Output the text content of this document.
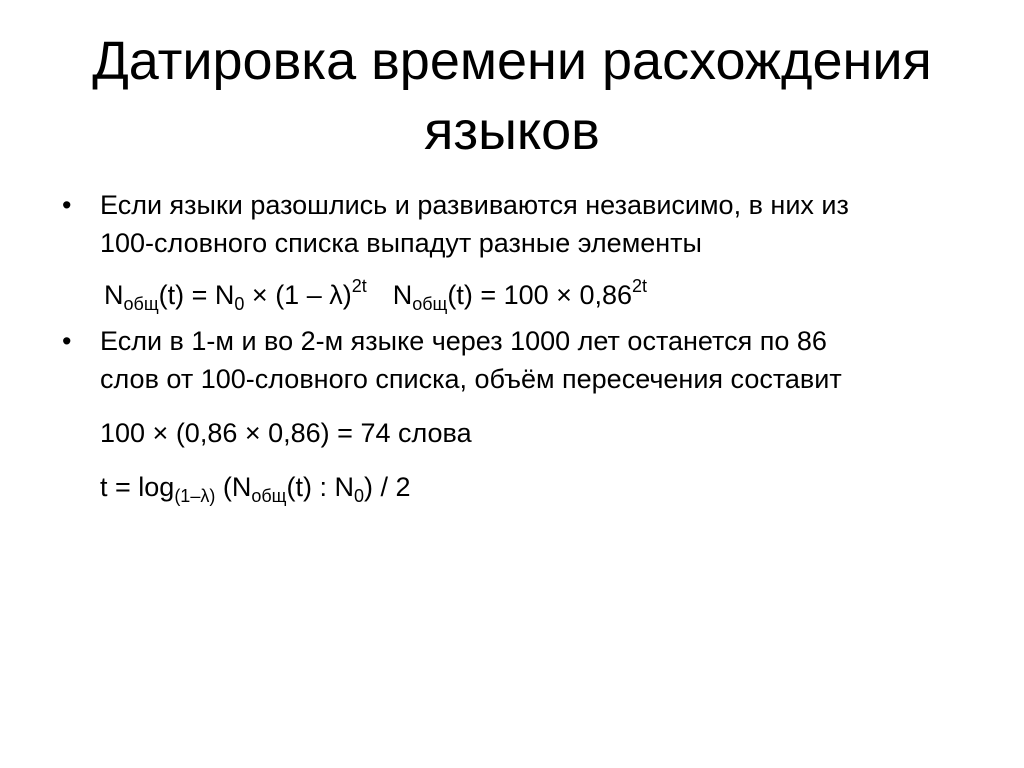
Датировка времени расхождения
языков
• Если языки разошлись и развиваются независимо, в них из
100-словного списка выпадут разные элементы
$N_{общ}(t) = N_0 \times (1 - \lambda)^{2t}$ $N_{общ}(t) = 100 \times 0,86^{2t}$
• Если в 1-м и во 2-м языке через 1000 лет останется по 86
слов от 100-словного списка, объём пересечения составит
100 × (0,86 × 0,86) = 74 слова
$t = \log_{(1-\lambda)} (N_{общ}(t)$ : $N_0) / 2$
